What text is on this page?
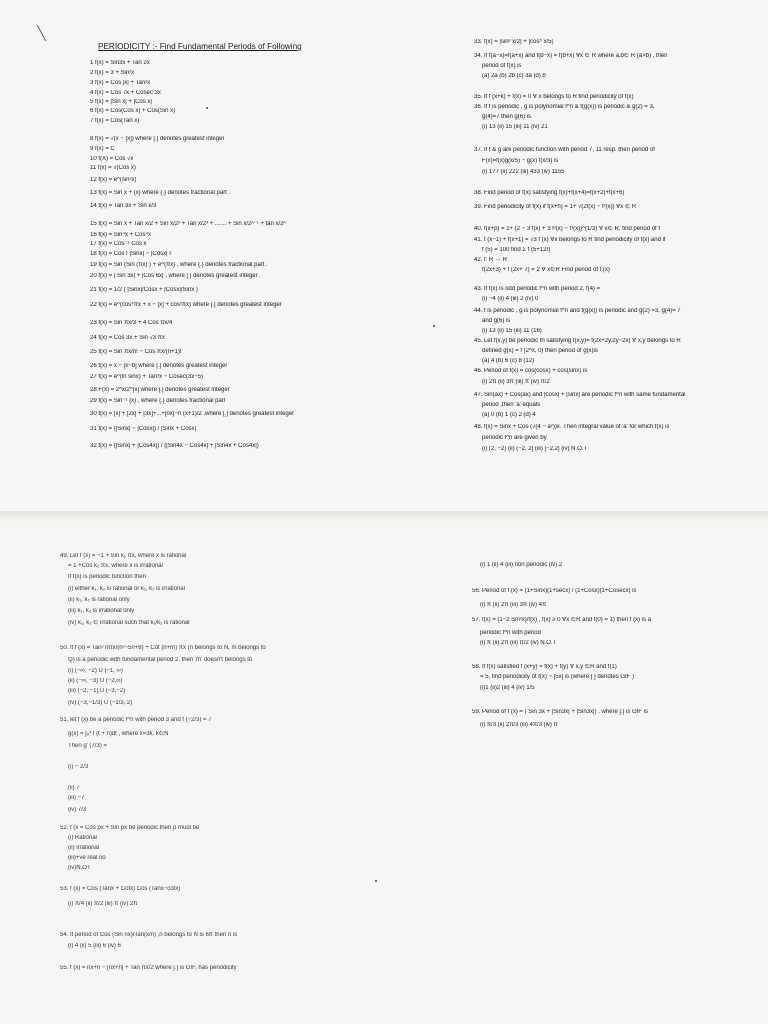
PERIODICITY :- Find Fundamental Periods of Following
1 f(x) = Sin3x + Tan 2x
2 f(x) = 3 + Sin²x
3 f(x) = Cos |x| + Tan²x
4 f(x) = Cos 7x + Cosec 3x
5 f(x) = |Sin x| + |Cos x|
6 f(x) = Cos(Cos x) + Cos(Sin x)
7 f(x) = Cos(Tan x)
8 f(x) = √(x − [x]) where [.] denotes greatest integer
9 f(x) = C
10 f(X) = Cos √x
11 f(x) = √(Cos x)
12 f(x) = e^(sin²x)
13 f(x) = Sin x + {x} where {.} denotes fractional part .
14 f(x) = Tan 3x + Sin x/3
15 f(x) = Sin x + Tan x/2 + Sin x/2² + Tan x/2³ + ....... + Sin x/2ⁿ⁻¹ + tan x/2ⁿ
16 f(x) = Sin⁴x + Cos⁴x
17 f(x) = Cos⁻¹ Cos x
18 f(x) = Cos I |Sinx| − |Cosx| I
19 f(x) = Sin (Sin (πx) ) + e^{πx} , where {.} denotes fractional part .
20 f(x) = | Sin 3x| + |Cos 6x| , where [ ] denotes greatest integer .
21 f(x) = 1/2 ( |Sinx|/Cosx + |Cosx|/Sinx )
22 f(x) = e^(cos⁴πx + x − [x] + cos²πx) where [.] denotes greatest integer
23 f(x) = Sin πx/3 + 4 Cos πx/4
24 f(x) = Cos 3x + Sin √3 πx
25 f(x) = Sin πx/n! − Cos πx/(n+1)!
26 f(x) = x − [x−b] where [.] denotes greatest integer
27 f(x) = e^(ln sinx) + Tan³x − Cosec(3x−5)
28 F(x) = 2^x/2^[x] where [.] denotes greatest integer
29 f(x) = Sin⁻¹ {x} , where {.} denotes fractional part
30 f(x) = [x] + [2x] + [3x]+...+[nx]−n (x+1)/2 ,where [.] denotes greatest integer
31 f(x) = (|Sinx| − |Cosx|) / |Sinx + Cosx|
32 f(x) = (|Sinx| + |Cos4x|) / (|Sin4x − Cos4x| + |Sin4x + Cos4x|)
33. f(x) = |sin³ x/2| + |cos⁵ x/5|
34. If f(a−x)=f(a+x) and f(b−x) = f(b+x) ∀x ∈ R where a,b∈ R (a>b) , then
period of f(x) is
(a) 2a (b) 2b (c) 3a (d) b
35. If f (x+k) + f(x) = 0 ∀ x belongs to R find periodicity of f(x)
36. If f is periodic , g is polynomial f^n & f(g(x)) is periodic & g(2) = 3,
g(4)=7 then g(6) is
(i) 13 (ii) 15 (iii) 11 (iv) 21
37. If f & g are periodic function with period 7, 11 resp. then period of
F(x)=f(x)g(x/5) − g(x) f(x/3) is
(i) 177 (ii) 222 (iii) 433 (iv) 1155
38. Find period of f(x) satisfying f(x)+f(x+4)=f(x+2)+f(x+6)
39. Find periodicity of f(x) if f(x+h) = 1+ √(2f(x) − f²(x)) ∀x ∈ R
40. f(x+p) = 1+ {2 − 3 f(x) + 3 f²(x) − f³(x)}^(1/3) ∀ x∈ R, find period of f
41. f (x−1) + f(x+1) = √3 f (x) ∀x belongs to R find periodicity of f(x) and if
f (5) = 100 find Σ f (5+12r)
42. f: R → R
f(2x+3) + f (2x+ 7) = 2 ∀ x∈R Find period of f (x)
43. If f(x) is odd periodic f^n with period 2, f(4) =
(i) −4 (ii) 4 (iii) 2 (iv) 0
44. f is periodic , g is polynomial f^n and f(g(x)) is periodic and g(2) =3, g(4)= 7
and g(6) is
(i) 13 (ii) 15 (iii) 11 (16)
45. Let f(x,y) be periodic fn satisfying f(x,y)= f(2x+2y,2y−2x) ∀ x,y belongs to R
defined g(x) = f (2^x, 0) then period of g(x)is
(a) 4 (b) 6 (c) 8 (12)
46. Period of f(x) = cos(cosx) + cos(sinx) is
(i) 2π (ii) 3π (iii) π (iv) π/2
47. Sin(ax) + Cos(ax) and |cosx| + |sinx| are periodic f^n with same fundamental
period ,then 'a' equals
(a) 0 (b) 1 (c) 2 (d) 4
48. f(x) = Sinx + Cos (√(4 − a²))x. Then integral value of 'a' for which f(x) is
periodic f^n are given by
(i) (2, −2) (ii) (−2, 2] (iii) [−2,2] (iv) N.O.T
49. Let f (x) = −1 + Sin k₁ πx, where x is rational
= 1 +Cos k₂ πx, where x is irrational
If f(x) is periodic function then
(i) either k₁, k₂ is rational or k₁, k₂ is irrational
(ii) k₁, k₂ is rational only
(iii) k₁, k₂ is irrational only
(iv) k₁, k₂ ∈ irrational such that k₁/k₂ is rational
50. If f (x) = Tan² nπx/(n²−5n+8) + Cot (n+m) πx (n belongs to N, m belongs to
Q) is a periodic with fundamental period 2, then 'm' doesn't belongs to
(i) (−∞, −2) U (−1, ∞)
(ii) (−∞, −3) U (−2,∞)
(iii) (−2, −1] U (−3,−2)
(iv) (−3,−1/3) U (−1/3, 2)
51. let f (x) be a periodic f^n with period 3 and f (−2/3) = 7
g(x) = ∫₀ˣ f (t + n)dt , where x=3k, k∈N
Then g' (7/3) =
(i) − 2/3
(ii) 7
(iii) −7
(iv) 7/3
52. f (x = Cos px + Sin px be periodic then p must be
(i) Rational
(ii) irrational
(iii)+ve real no
(iv)N.OT
53. f (x) = Cos (Tanx + Cotx) Cos (Tanx−cotx)
(i) π/4 (ii) π/2 (iii) π (iv) 2π
54. If period of Cos (Sin nx)/Tan(x/n) ,n belongs to N is 6π then n is
(i) 4 (ii) 5 (iii) 6 (iv) 6
55. f (x) = nx+n − [nx+n] + Tan πx/2 where [.] is GIF, has periodicity
(i) 1 (ii) 4 (iii) non periodic (iv) 2
56. Period of f (x) = (1+Sinx)(1+secx) / (1+Cosx)(1+Cosecx) is
(i) π (ii) 2π (iii) 3π (iv) 4π
57. f(x) = (1−2 Sin²x)/f(x) , f(x) ≥ 0 ∀x ∈R and f(0) = 1) then f (x) is a
periodic f^n with period
(i) π (ii) 2π (iii) π/2 (iv) N.O.T
58. If f(x) satisfied f (x+y) = f(x) + f(y) ∀ x,y ∈R and f(1)
= 5, find periodicity of f(x) − [5x] is (where [ ] denotes GIF )
(i)1 (ii)2 (iii) 4 (iv) 1/5
59. Period of f (x) = ( Sin 3x + |Sin3x| + |Sin3x|) , where [.] is GIF is
(i) π/3 (ii) 2π/3 (iii) 4π/3 (iv) π
